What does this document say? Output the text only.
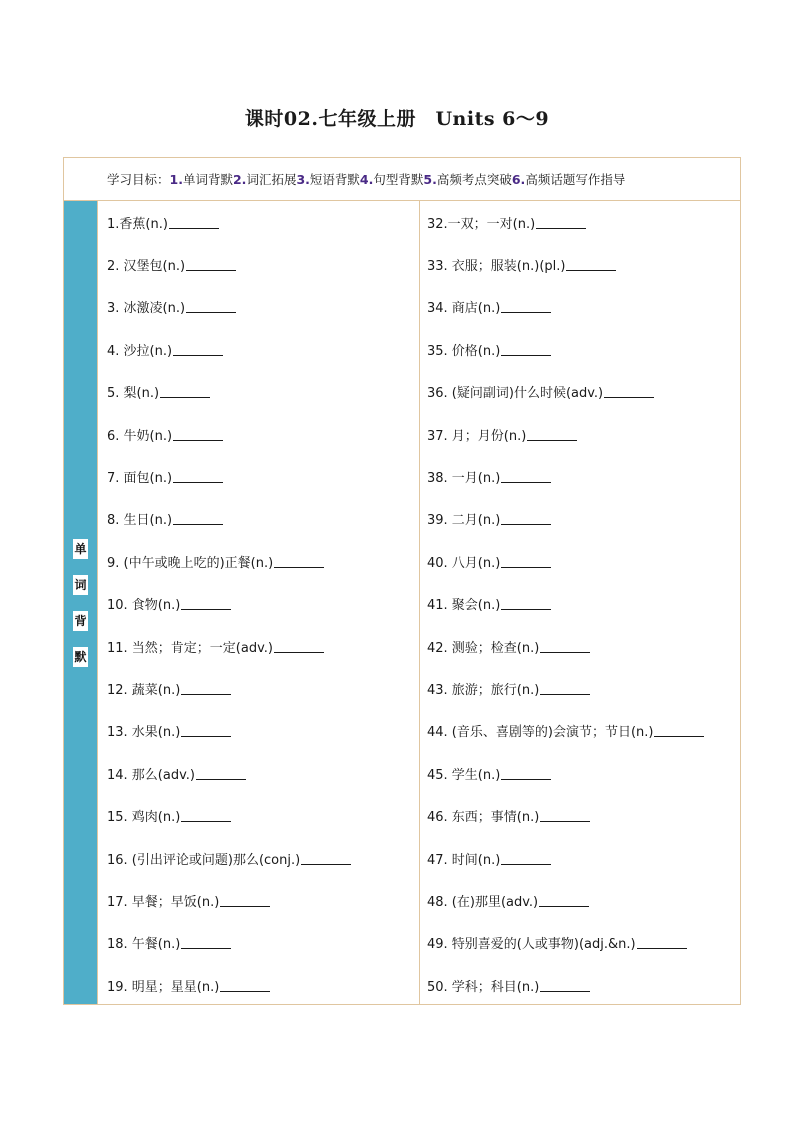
课时02.七年级上册　Units 6～9
学习目标： 1. 单词背默 2. 词汇拓展 3. 短语背默 4. 句型背默 5. 高频考点突破 6. 高频话题写作指导
单
词
背
默
1.香蕉(n.)
2. 汉堡包(n.)
3. 冰激凌(n.)
4. 沙拉(n.)
5. 梨(n.)
6. 牛奶(n.)
7. 面包(n.)
8. 生日(n.)
9. (中午或晚上吃的)正餐(n.)
10. 食物(n.)
11. 当然；肯定；一定(adv.)
12. 蔬菜(n.)
13. 水果(n.)
14. 那么(adv.)
15. 鸡肉(n.)
16. (引出评论或问题)那么(conj.)
17. 早餐；早饭(n.)
18. 午餐(n.)
19. 明星；星星(n.)
32.一双；一对(n.)
33. 衣服；服装(n.)(pl.)
34. 商店(n.)
35. 价格(n.)
36. (疑问副词)什么时候(adv.)
37. 月；月份(n.)
38. 一月(n.)
39. 二月(n.)
40. 八月(n.)
41. 聚会(n.)
42. 测验；检查(n.)
43. 旅游；旅行(n.)
44. (音乐、喜剧等的)会演节；节日(n.)
45. 学生(n.)
46. 东西；事情(n.)
47. 时间(n.)
48. (在)那里(adv.)
49. 特别喜爱的(人或事物)(adj.&n.)
50. 学科；科目(n.)
